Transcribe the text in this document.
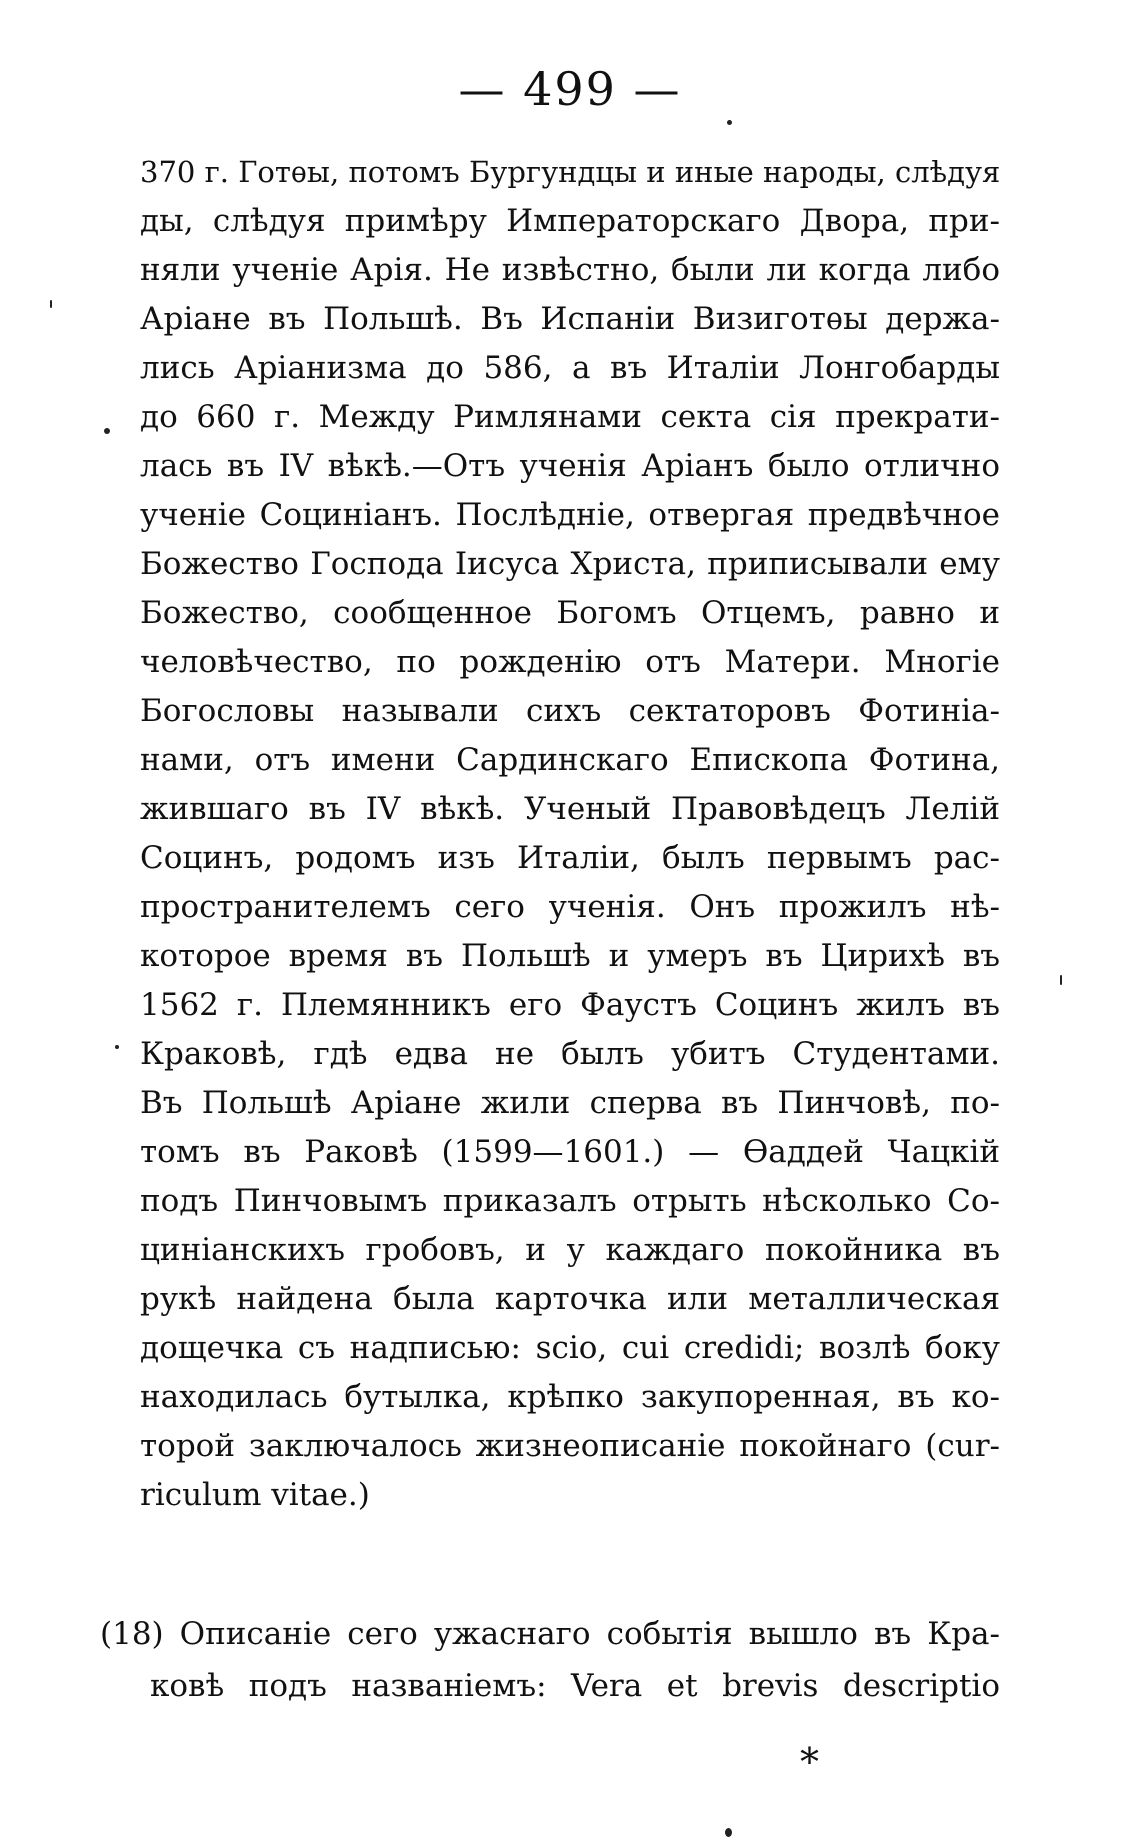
— 499 —
370 г. Готѳы, потомъ Бургундцы и иные народы, слѣдуя
ды, слѣдуя примѣру Императорскаго Двора, при-
няли ученіе Арія. Не извѣстно, были ли когда либо
Аріане въ Польшѣ. Въ Испаніи Визиготѳы держа-
лись Аріанизма до 586, а въ Италіи Лонгобарды
до 660 г. Между Римлянами секта сія прекрати-
лась въ IV вѣкѣ.—Отъ ученія Аріанъ было отлично
ученіе Социніанъ. Послѣдніе, отвергая предвѣчное
Божество Господа Іисуса Христа, приписывали ему
Божество, сообщенное Богомъ Отцемъ, равно и
человѣчество, по рожденію отъ Матери. Многіе
Богословы называли сихъ сектаторовъ Фотиніа-
нами, отъ имени Сардинскаго Епископа Фотина,
жившаго въ IV вѣкѣ. Ученый Правовѣдецъ Лелій
Социнъ, родомъ изъ Италіи, былъ первымъ рас-
пространителемъ сего ученія. Онъ прожилъ нѣ-
которое время въ Польшѣ и умеръ въ Цирихѣ въ
1562 г. Племянникъ его Фаустъ Социнъ жилъ въ
Краковѣ, гдѣ едва не былъ убитъ Студентами.
Въ Польшѣ Аріане жили сперва въ Пинчовѣ, по-
томъ въ Раковѣ (1599—1601.) — Ѳаддей Чацкій
подъ Пинчовымъ приказалъ отрыть нѣсколько Со-
циніанскихъ гробовъ, и у каждаго покойника въ
рукѣ найдена была карточка или металлическая
дощечка съ надписью: scio, cui credidi; возлѣ боку
находилась бутылка, крѣпко закупоренная, въ ко-
торой заключалось жизнеописаніе покойнаго (cur-
riculum vitae.)
(18) Описаніе сего ужаснаго событія вышло въ Кра-
ковѣ подъ названіемъ: Vera et brevis descriptio
*
